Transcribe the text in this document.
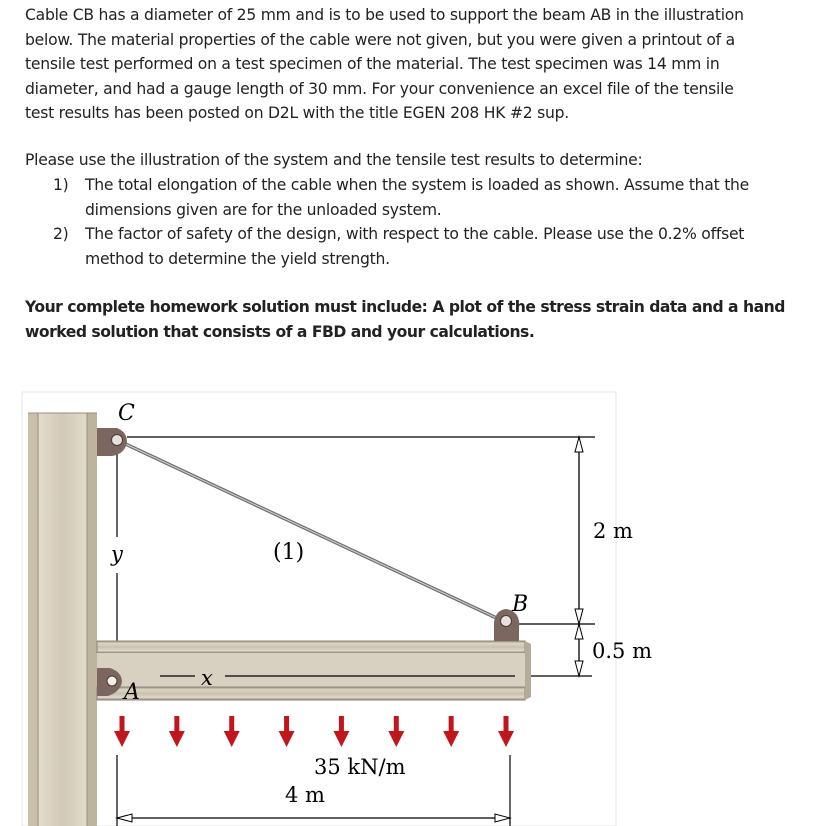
Cable CB has a diameter of 25 mm and is to be used to support the beam AB in the illustration
below. The material properties of the cable were not given, but you were given a printout of a
tensile test performed on a test specimen of the material. The test specimen was 14 mm in
diameter, and had a gauge length of 30 mm. For your convenience an excel file of the tensile
test results has been posted on D2L with the title EGEN 208 HK #2 sup.
Please use the illustration of the system and the tensile test results to determine:
1) The total elongation of the cable when the system is loaded as shown. Assume that the
dimensions given are for the unloaded system.
2) The factor of safety of the design, with respect to the cable. Please use the 0.2% offset
method to determine the yield strength.
Your complete homework solution must include: A plot of the stress strain data and a hand
worked solution that consists of a FBD and your calculations.
C
y	(1)
B
A
x
2 m
0.5 m
35 kN/m
4 m
